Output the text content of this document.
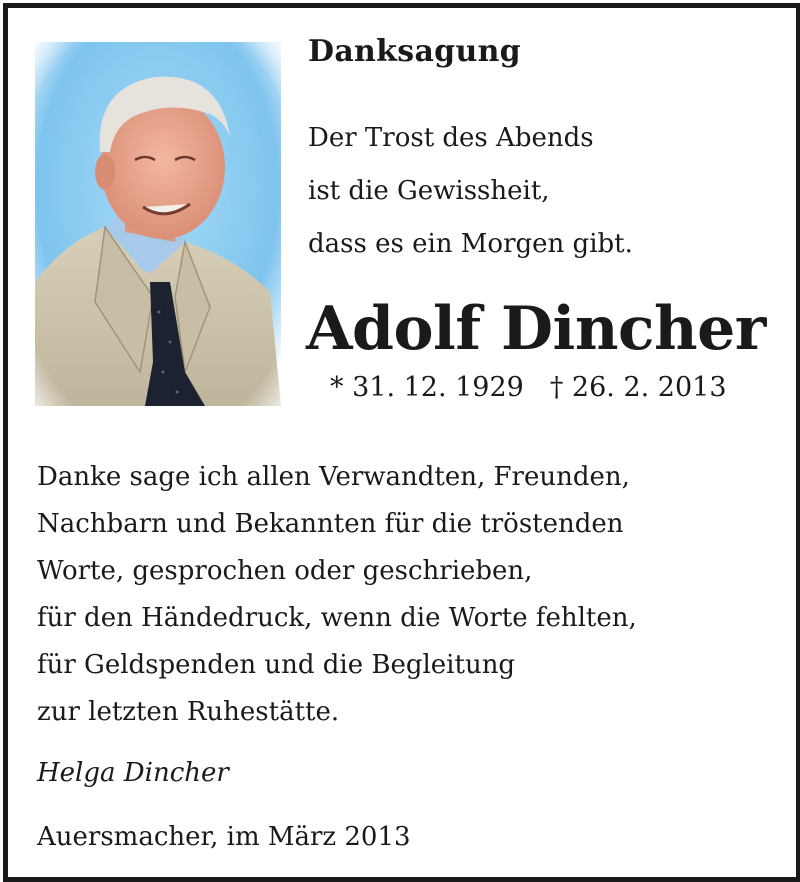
Danksagung
Der Trost des Abends
ist die Gewissheit,
dass es ein Morgen gibt.
Adolf Dincher
* 31. 12. 1929 † 26. 2. 2013
Danke sage ich allen Verwandten, Freunden,
Nachbarn und Bekannten für die tröstenden
Worte, gesprochen oder geschrieben,
für den Händedruck, wenn die Worte fehlten,
für Geldspenden und die Begleitung
zur letzten Ruhestätte.
Helga Dincher
Auersmacher, im März 2013
